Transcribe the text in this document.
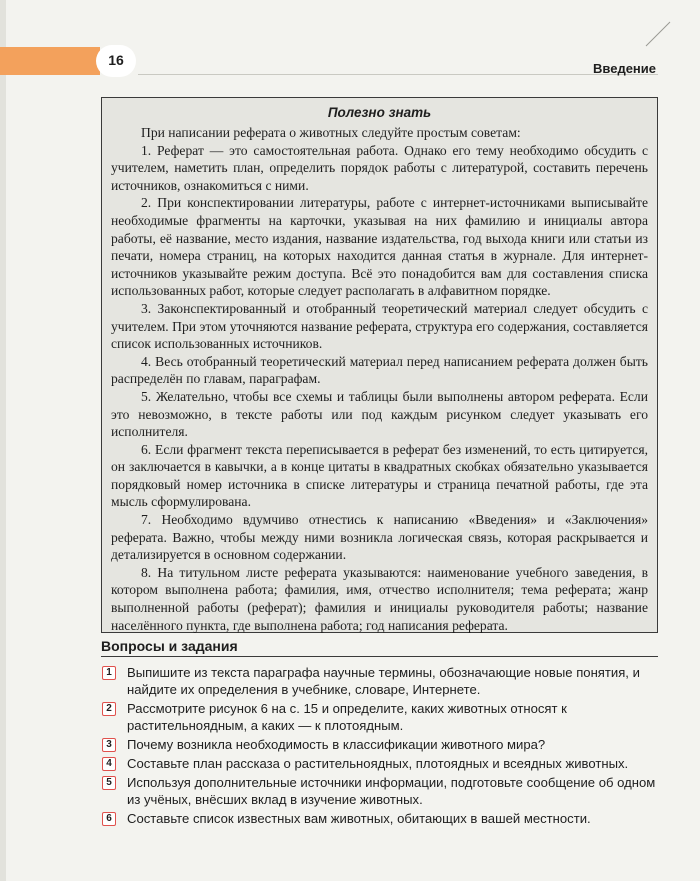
16
Введение
Полезно знать

При написании реферата о животных следуйте простым советам:

1. Реферат — это самостоятельная работа. Однако его тему необходимо обсудить с учителем, наметить план, определить порядок работы с литературой, составить перечень источников, ознакомиться с ними.

2. При конспектировании литературы, работе с интернет-источниками выписывайте необходимые фрагменты на карточки, указывая на них фамилию и инициалы автора работы, её название, место издания, название издательства, год выхода книги или статьи из печати, номера страниц, на которых находится данная статья в журнале. Для интернет-источников указывайте режим доступа. Всё это понадобится вам для составления списка использованных работ, которые следует располагать в алфавитном порядке.

3. Законспектированный и отобранный теоретический материал следует обсудить с учителем. При этом уточняются название реферата, структура его содержания, составляется список использованных источников.

4. Весь отобранный теоретический материал перед написанием реферата должен быть распределён по главам, параграфам.

5. Желательно, чтобы все схемы и таблицы были выполнены автором реферата. Если это невозможно, в тексте работы или под каждым рисунком следует указывать его исполнителя.

6. Если фрагмент текста переписывается в реферат без изменений, то есть цитируется, он заключается в кавычки, а в конце цитаты в квадратных скобках обязательно указывается порядковый номер источника в списке литературы и страница печатной работы, где эта мысль сформулирована.

7. Необходимо вдумчиво отнестись к написанию «Введения» и «Заключения» реферата. Важно, чтобы между ними возникла логическая связь, которая раскрывается и детализируется в основном содержании.

8. На титульном листе реферата указываются: наименование учебного заведения, в котором выполнена работа; фамилия, имя, отчество исполнителя; тема реферата; жанр выполненной работы (реферат); фамилия и инициалы руководителя работы; название населённого пункта, где выполнена работа; год написания реферата.

Вопросы и задания
1	Выпишите из текста параграфа научные термины, обозначающие новые понятия, и найдите их определения в учебнике, словаре, Интернете.
2	Рассмотрите рисунок 6 на с. 15 и определите, каких животных относят к растительноядным, а каких — к плотоядным.
3	Почему возникла необходимость в классификации животного мира?
4	Составьте план рассказа о растительноядных, плотоядных и всеядных животных.
5	Используя дополнительные источники информации, подготовьте сообщение об одном из учёных, внёсших вклад в изучение животных.
6	Составьте список известных вам животных, обитающих в вашей местности.
